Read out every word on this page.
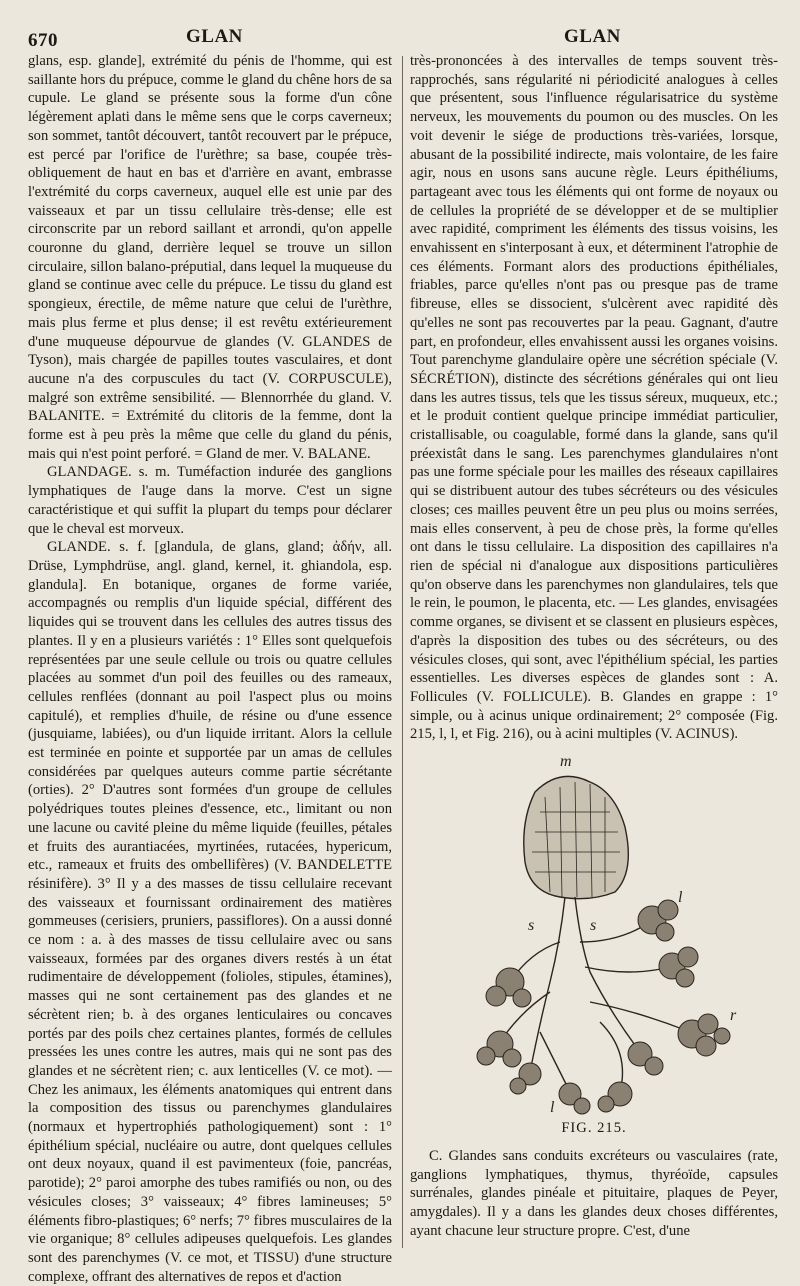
670	GLAN	GLAN

glans, esp. glande], extrémité du pénis de l'homme, qui est saillante hors du prépuce, comme le gland du chêne hors de sa cupule. Le gland se présente sous la forme d'un cône légèrement aplati dans le même sens que le corps caverneux; son sommet, tantôt découvert, tantôt recouvert par le prépuce, est percé par l'orifice de l'urèthre; sa base, coupée très-obliquement de haut en bas et d'arrière en avant, embrasse l'extrémité du corps caverneux, auquel elle est unie par des vaisseaux et par un tissu cellulaire très-dense; elle est circonscrite par un rebord saillant et arrondi, qu'on appelle couronne du gland, derrière lequel se trouve un sillon circulaire, sillon balano-préputial, dans lequel la muqueuse du gland se continue avec celle du prépuce. Le tissu du gland est spongieux, érectile, de même nature que celui de l'urèthre, mais plus ferme et plus dense; il est revêtu extérieurement d'une muqueuse dépourvue de glandes (V. GLANDES de Tyson), mais chargée de papilles toutes vasculaires, et dont aucune n'a des corpuscules du tact (V. CORPUSCULE), malgré son extrême sensibilité. — Blennorrhée du gland. V. BALANITE. = Extrémité du clitoris de la femme, dont la forme est à peu près la même que celle du gland du pénis, mais qui n'est point perforé. = Gland de mer. V. BALANE.

GLANDAGE. s. m. Tuméfaction indurée des ganglions lymphatiques de l'auge dans la morve. C'est un signe caractéristique et qui suffit la plupart du temps pour déclarer que le cheval est morveux.

GLANDE. s. f. [glandula, de glans, gland; ἀδήν, all. Drüse, Lymphdrüse, angl. gland, kernel, it. ghiandola, esp. glandula]. En botanique, organes de forme variée, accompagnés ou remplis d'un liquide spécial, différent des liquides qui se trouvent dans les cellules des autres tissus des plantes. Il y en a plusieurs variétés : 1° Elles sont quelquefois représentées par une seule cellule ou trois ou quatre cellules placées au sommet d'un poil des feuilles ou des rameaux, cellules renflées (donnant au poil l'aspect plus ou moins capitulé), et remplies d'huile, de résine ou d'une essence (jusquiame, labiées), ou d'un liquide irritant. Alors la cellule est terminée en pointe et supportée par un amas de cellules considérées par quelques auteurs comme partie sécrétante (orties). 2° D'autres sont formées d'un groupe de cellules polyédriques toutes pleines d'essence, etc., limitant ou non une lacune ou cavité pleine du même liquide (feuilles, pétales et fruits des aurantiacées, myrtinées, rutacées, hypericum, etc., rameaux et fruits des ombellifères) (V. BANDELETTE résinifère). 3° Il y a des masses de tissu cellulaire recevant des vaisseaux et fournissant ordinairement des matières gommeuses (cerisiers, pruniers, passiflores). On a aussi donné ce nom : a. à des masses de tissu cellulaire avec ou sans vaisseaux, formées par des organes divers restés à un état rudimentaire de développement (folioles, stipules, étamines), masses qui ne sont certainement pas des glandes et ne sécrètent rien; b. à des organes lenticulaires ou concaves portés par des poils chez certaines plantes, formés de cellules pressées les unes contre les autres, mais qui ne sont pas des glandes et ne sécrètent rien; c. aux lenticelles (V. ce mot). — Chez les animaux, les éléments anatomiques qui entrent dans la composition des tissus ou parenchymes glandulaires (normaux et hypertrophiés pathologiquement) sont : 1° épithélium spécial, nucléaire ou autre, dont quelques cellules ont deux noyaux, quand il est pavimenteux (foie, pancréas, parotide); 2° paroi amorphe des tubes ramifiés ou non, ou des vésicules closes; 3° vaisseaux; 4° fibres lamineuses; 5° éléments fibro-plastiques; 6° nerfs; 7° fibres musculaires de la vie organique; 8° cellules adipeuses quelquefois. Les glandes sont des parenchymes (V. ce mot, et TISSU) d'une structure complexe, offrant des alternatives de repos et d'action

très-prononcées à des intervalles de temps souvent très-rapprochés, sans régularité ni périodicité analogues à celles que présentent, sous l'influence régularisatrice du système nerveux, les mouvements du poumon ou des muscles. On les voit devenir le siége de productions très-variées, lorsque, abusant de la possibilité indirecte, mais volontaire, de les faire agir, nous en usons sans aucune règle. Leurs épithéliums, partageant avec tous les éléments qui ont forme de noyaux ou de cellules la propriété de se développer et de se multiplier avec rapidité, compriment les éléments des tissus voisins, les envahissent en s'interposant à eux, et déterminent l'atrophie de ces éléments. Formant alors des productions épithéliales, friables, parce qu'elles n'ont pas ou presque pas de trame fibreuse, elles se dissocient, s'ulcèrent avec rapidité dès qu'elles ne sont pas recouvertes par la peau. Gagnant, d'autre part, en profondeur, elles envahissent aussi les organes voisins. Tout parenchyme glandulaire opère une sécrétion spéciale (V. SÉCRÉTION), distincte des sécrétions générales qui ont lieu dans les autres tissus, tels que les tissus séreux, muqueux, etc.; et le produit contient quelque principe immédiat particulier, cristallisable, ou coagulable, formé dans la glande, sans qu'il préexistât dans le sang. Les parenchymes glandulaires n'ont pas une forme spéciale pour les mailles des réseaux capillaires qui se distribuent autour des tubes sécréteurs ou des vésicules closes; ces mailles peuvent être un peu plus ou moins serrées, mais elles conservent, à peu de chose près, la forme qu'elles ont dans le tissu cellulaire. La disposition des capillaires n'a rien de spécial ni d'analogue aux dispositions particulières qu'on observe dans les parenchymes non glandulaires, tels que le rein, le poumon, le placenta, etc. — Les glandes, envisagées comme organes, se divisent et se classent en plusieurs espèces, d'après la disposition des tubes ou des sécréteurs, ou des vésicules closes, qui sont, avec l'épithélium spécial, les parties essentielles. Les diverses espèces de glandes sont : A. Follicules (V. FOLLICULE). B. Glandes en grappe : 1° simple, ou à acinus unique ordinairement; 2° composée (Fig. 215, l, l, et Fig. 216), ou à acini multiples (V. ACINUS).

m
s	s
l
l
r
FIG. 215.

C. Glandes sans conduits excréteurs ou vasculaires (rate, ganglions lymphatiques, thymus, thyréoïde, capsules surrénales, glandes pinéale et pituitaire, plaques de Peyer, amygdales). Il y a dans les glandes deux choses différentes, ayant chacune leur structure propre. C'est, d'une
